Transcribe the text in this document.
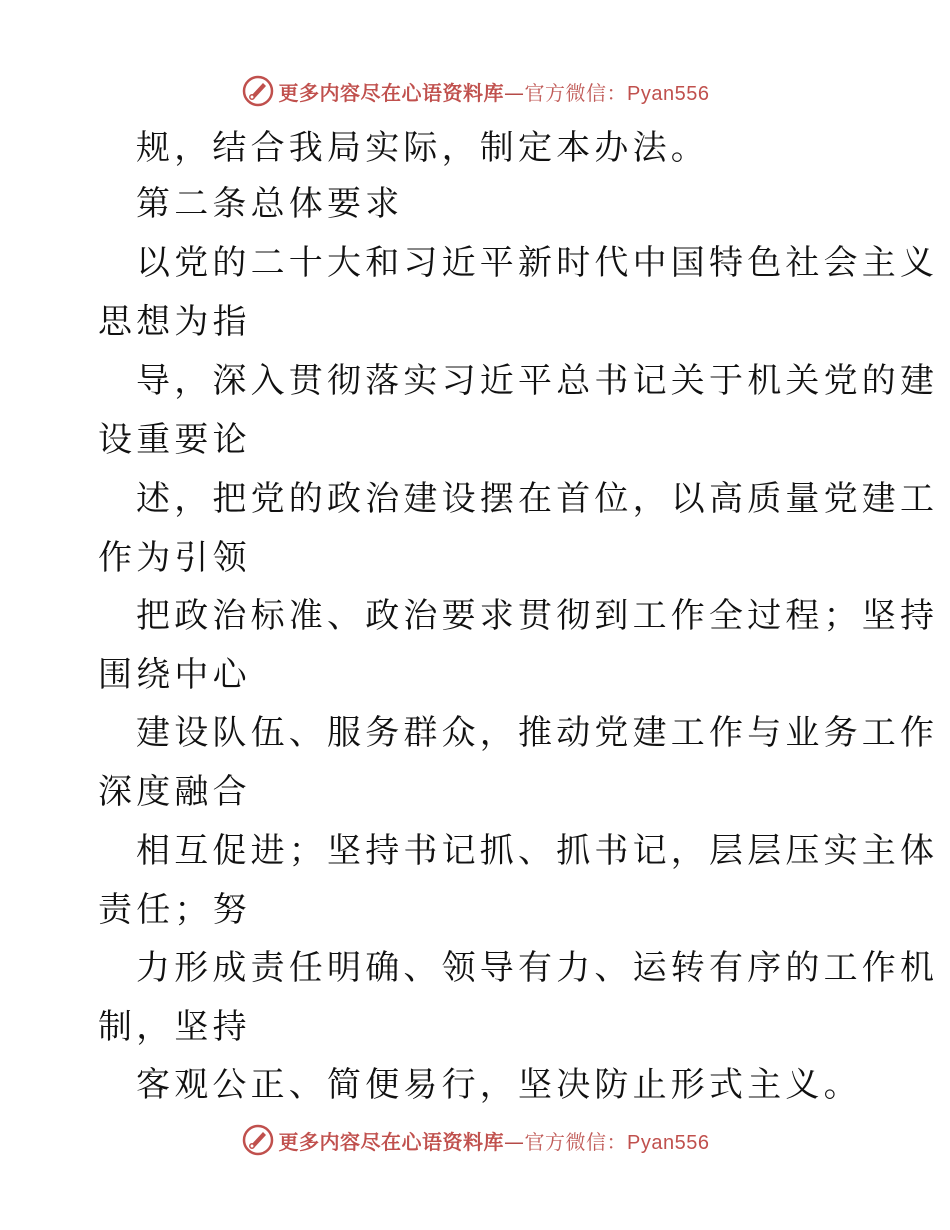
更多内容尽在心语资料库—官方微信：Pyan556
规，结合我局实际，制定本办法。
第二条总体要求
以党的二十大和习近平新时代中国特色社会主义
思想为指
导，深入贯彻落实习近平总书记关于机关党的建
设重要论
述，把党的政治建设摆在首位，以高质量党建工
作为引领
把政治标准、政治要求贯彻到工作全过程；坚持
围绕中心
建设队伍、服务群众，推动党建工作与业务工作
深度融合
相互促进；坚持书记抓、抓书记，层层压实主体
责任；努
力形成责任明确、领导有力、运转有序的工作机
制，坚持
客观公正、简便易行，坚决防止形式主义。
更多内容尽在心语资料库—官方微信：Pyan556
